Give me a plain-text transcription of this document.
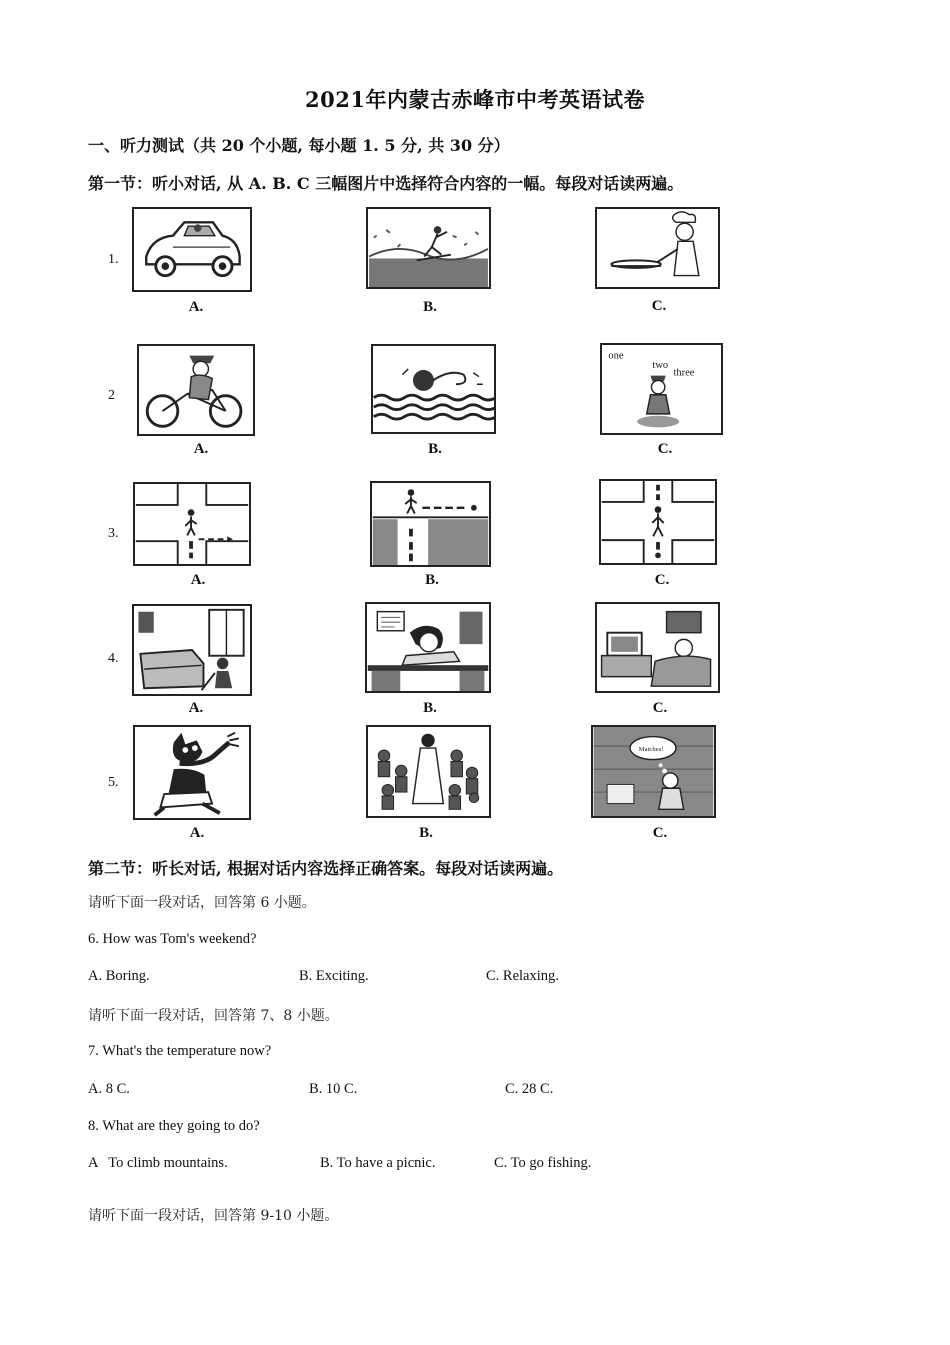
2021年内蒙古赤峰市中考英语试卷
一、听力测试（共 20 个小题, 每小题 1. 5 分, 共 30 分）
第一节：听小对话, 从 A. B. C 三幅图片中选择符合内容的一幅。每段对话读两遍。
1.
A.	B.	C.
2
A.	B.
one
two
three
C.
3.
A.	B.	C.
4.
A.	B.	C.
5.
A.	B.
Matches!
C.
第二节：听长对话, 根据对话内容选择正确答案。每段对话读两遍。
请听下面一段对话，回答第 6 小题。
6. How was Tom's weekend?
A. Boring.	B. Exciting.	C. Relaxing.
请听下面一段对话，回答第 7、8 小题。
7. What's the temperature now?
A. 8 C.	B. 10 C.	C. 28 C.
8. What are they going to do?
A   To climb mountains.	B. To have a picnic.	C. To go fishing.
请听下面一段对话，回答第 9-10 小题。
